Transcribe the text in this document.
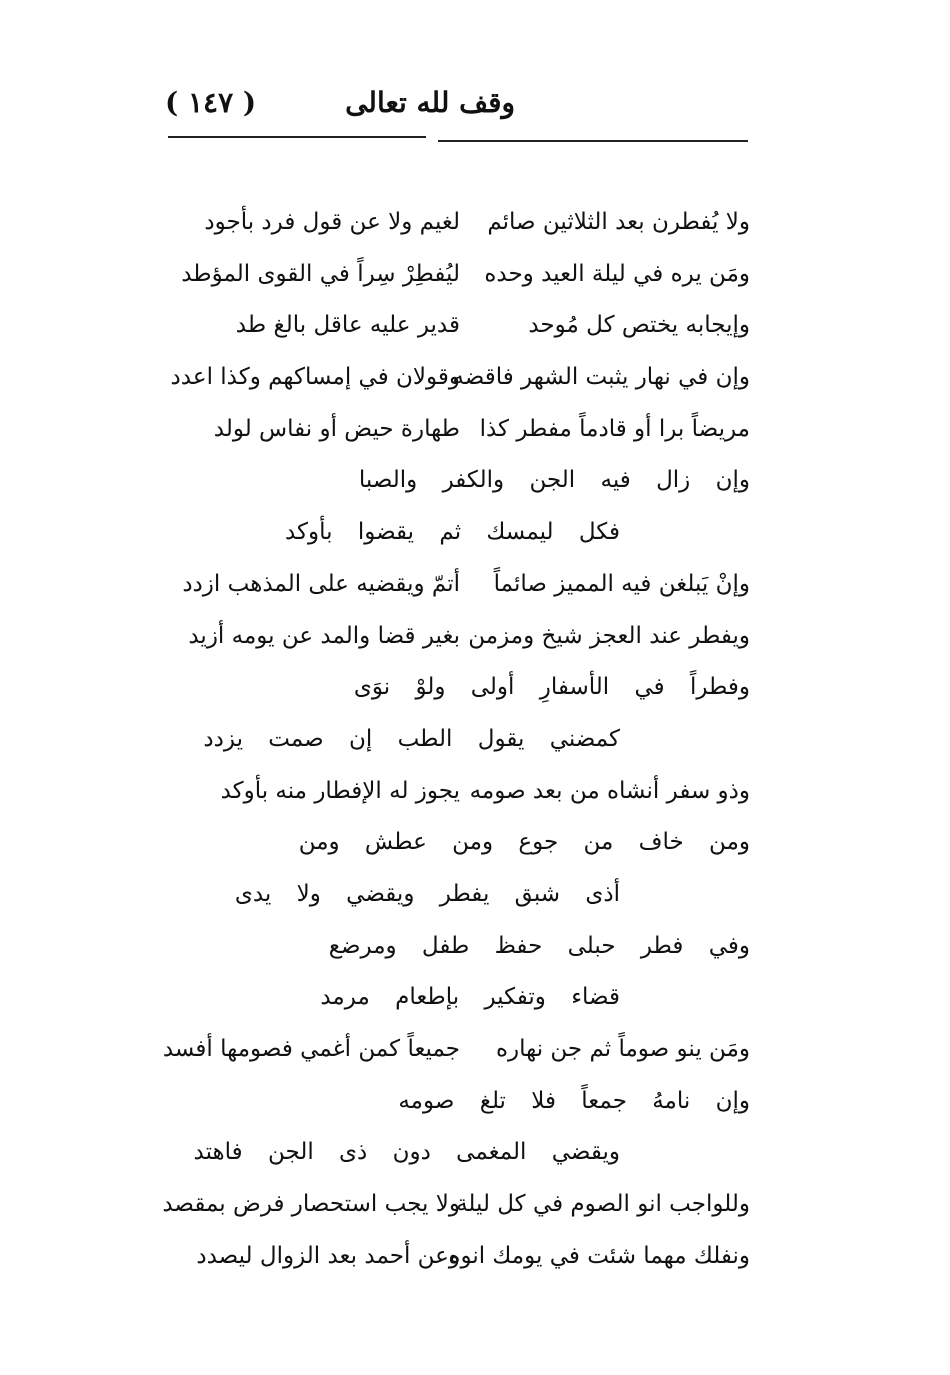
( ١٤٧ )	وقف لله تعالى
ولا يُفطرن بعد الثلاثين صائم
لغيم ولا عن قول فرد بأجود
ومَن يره في ليلة العيد وحده
ليُفطِرْ سِراً في القوى المؤطد
وإيجابه يختص كل مُوحد
قدير عليه عاقل بالغ طد
وإن في نهار يثبت الشهر فاقضه
وقولان في إمساكهم وكذا اعدد
مريضاً برا أو قادماً مفطر كذا
طهارة حيض أو نفاس لولد
وإن زال فيه الجن والكفر والصبا
فكل ليمسك ثم يقضوا بأوكد
وإنْ يَبلغن فيه المميز صائماً
أتمّ ويقضيه على المذهب ازدد
ويفطر عند العجز شيخ ومزمن
بغير قضا والمد عن يومه أزيد
وفطراً في الأسفارِ أولى ولوْ نوَى
كمضني يقول الطب إن صمت يزدد
وذو سفر أنشاه من بعد صومه
يجوز له الإفطار منه بأوكد
ومن خاف من جوع ومن عطش ومن
أذى شبق يفطر ويقضي ولا يدى
وفي فطر حبلى حفظ طفل ومرضع
قضاء وتفكير بإطعام مرمد
ومَن ينو صوماً ثم جن نهاره
جميعاً كمن أغمي فصومها أفسد
وإن نامهُ جمعاً فلا تلغ صومه
ويقضي المغمى دون ذى الجن فاهتد
وللواجب انو الصوم في كل ليلة
ولا يجب استحصار فرض بمقصد
ونفلك مهما شئت في يومك انوه
وعن أحمد بعد الزوال ليصدد
